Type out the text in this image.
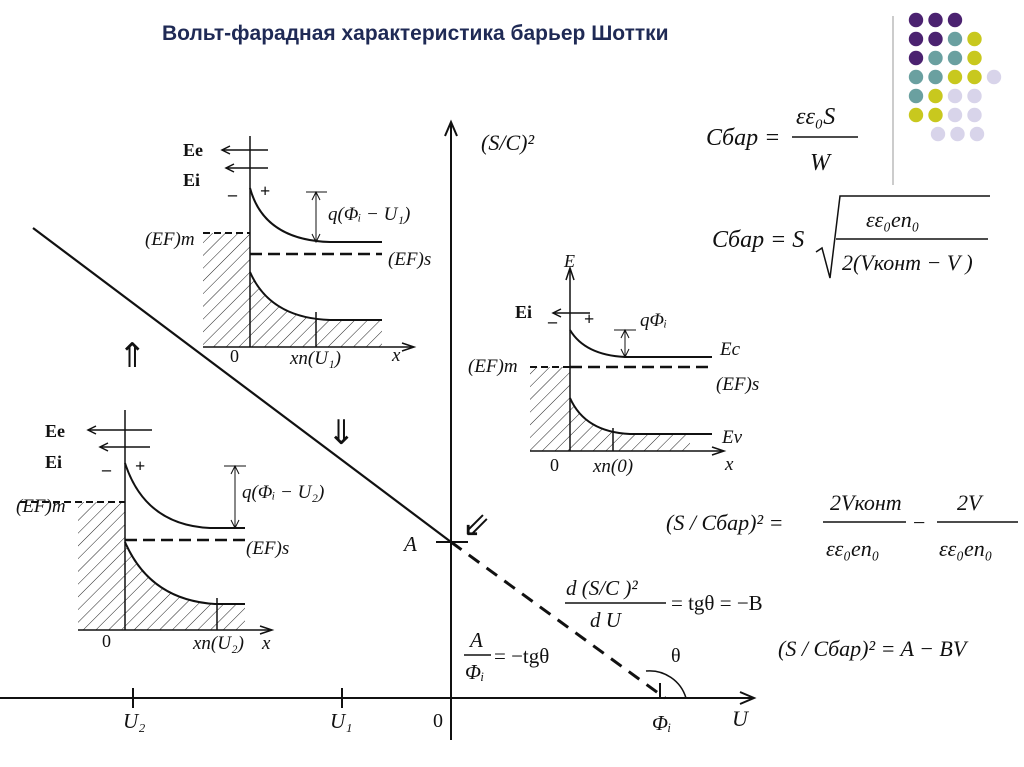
Вольт-фарадная характеристика барьер Шоттки
(S/C)²
U
0
U₁
U₂	Φᵢ
A
θ
⇑
⇓
⇙
d (S/C )²
d U
= tgθ = −B
A
Φᵢ
= −tgθ
Ee
Ei
– +
q(Φᵢ − U₁)
(EF)m
(EF)s
0	xn(U₁)	x
Ee
Ei – +
q(Φᵢ − U₂)
(EF)m
(EF)s
0	xn(U₂) x
E
Ei – + qΦᵢ
Ec
(EF)m
(EF)s
Ev
0 xn(0)	x
Cбар =
εε₀S
W
Cбар = S
εε₀en₀
2(Vконт − V )
(S / Cбар)² =
2Vконт
εε₀en₀
−
2V
εε₀en₀
(S / Cбар)² = A − BV
